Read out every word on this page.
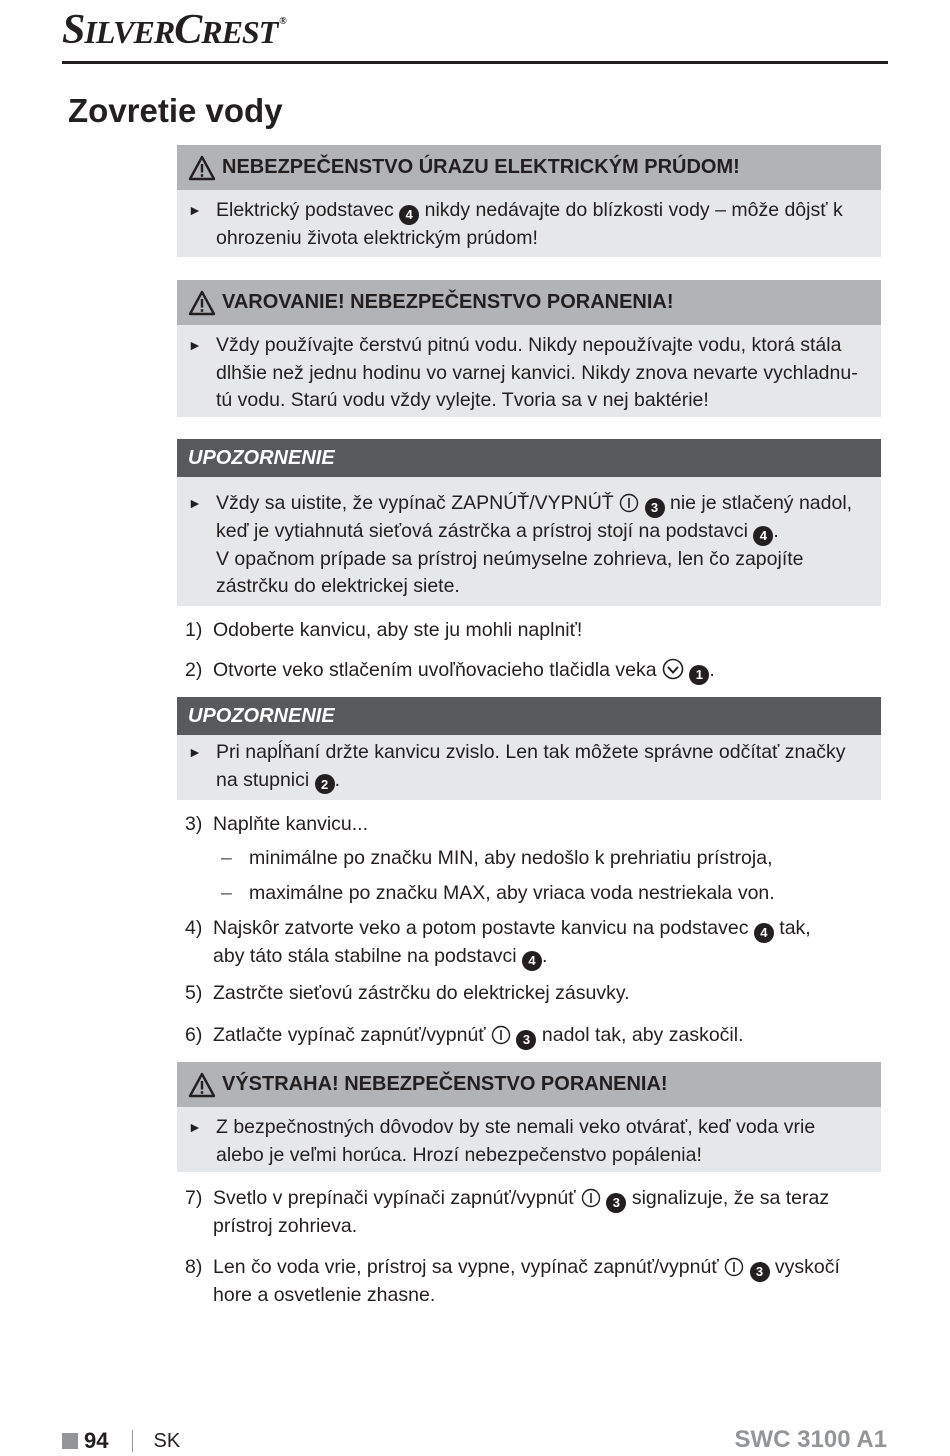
S ILVER C REST ®
Zovretie vody
NEBEZPEČENSTVO ÚRAZU ELEKTRICKÝM PRÚDOM!
► Elektrický podstavec 4 nikdy nedávajte do blízkosti vody – môže dôjsť k
ohrozeniu života elektrickým prúdom!
VAROVANIE! NEBEZPEČENSTVO PORANENIA!
► Vždy používajte čerstvú pitnú vodu. Nikdy nepoužívajte vodu, ktorá stála
dlhšie než jednu hodinu vo varnej kanvici. Nikdy znova nevarte vychladnu-
tú vodu. Starú vodu vždy vylejte. Tvoria sa v nej baktérie!
UPOZORNENIE
► Vždy sa uistite, že vypínač ZAPNÚŤ/VYPNÚŤ	3 nie je stlačený nadol,
keď je vytiahnutá sieťová zástrčka a prístroj stojí na podstavci 4 .
V opačnom prípade sa prístroj neúmyselne zohrieva, len čo zapojíte
zástrčku do elektrickej siete.
1) Odoberte kanvicu, aby ste ju mohli naplniť!
2) Otvorte veko stlačením uvoľňovacieho tlačidla veka	1 .
UPOZORNENIE
► Pri napĺňaní držte kanvicu zvislo. Len tak môžete správne odčítať značky
na stupnici 2 .
3) Naplňte kanvicu...
– minimálne po značku MIN, aby nedošlo k prehriatiu prístroja,
– maximálne po značku MAX, aby vriaca voda nestriekala von.
4) Najskôr zatvorte veko a potom postavte kanvicu na podstavec 4 tak,
aby táto stála stabilne na podstavci 4 .
5) Zastrčte sieťovú zástrčku do elektrickej zásuvky.
6) Zatlačte vypínač zapnúť/vypnúť	3 nadol tak, aby zaskočil.
VÝSTRAHA! NEBEZPEČENSTVO PORANENIA!
► Z bezpečnostných dôvodov by ste nemali veko otvárať, keď voda vrie
alebo je veľmi horúca. Hrozí nebezpečenstvo popálenia!
7) Svetlo v prepínači vypínači zapnúť/vypnúť	3 signalizuje, že sa teraz
prístroj zohrieva.
8) Len čo voda vrie, prístroj sa vypne, vypínač zapnúť/vypnúť	3 vyskočí
hore a osvetlenie zhasne.
94 SK	SWC 3100 A1
